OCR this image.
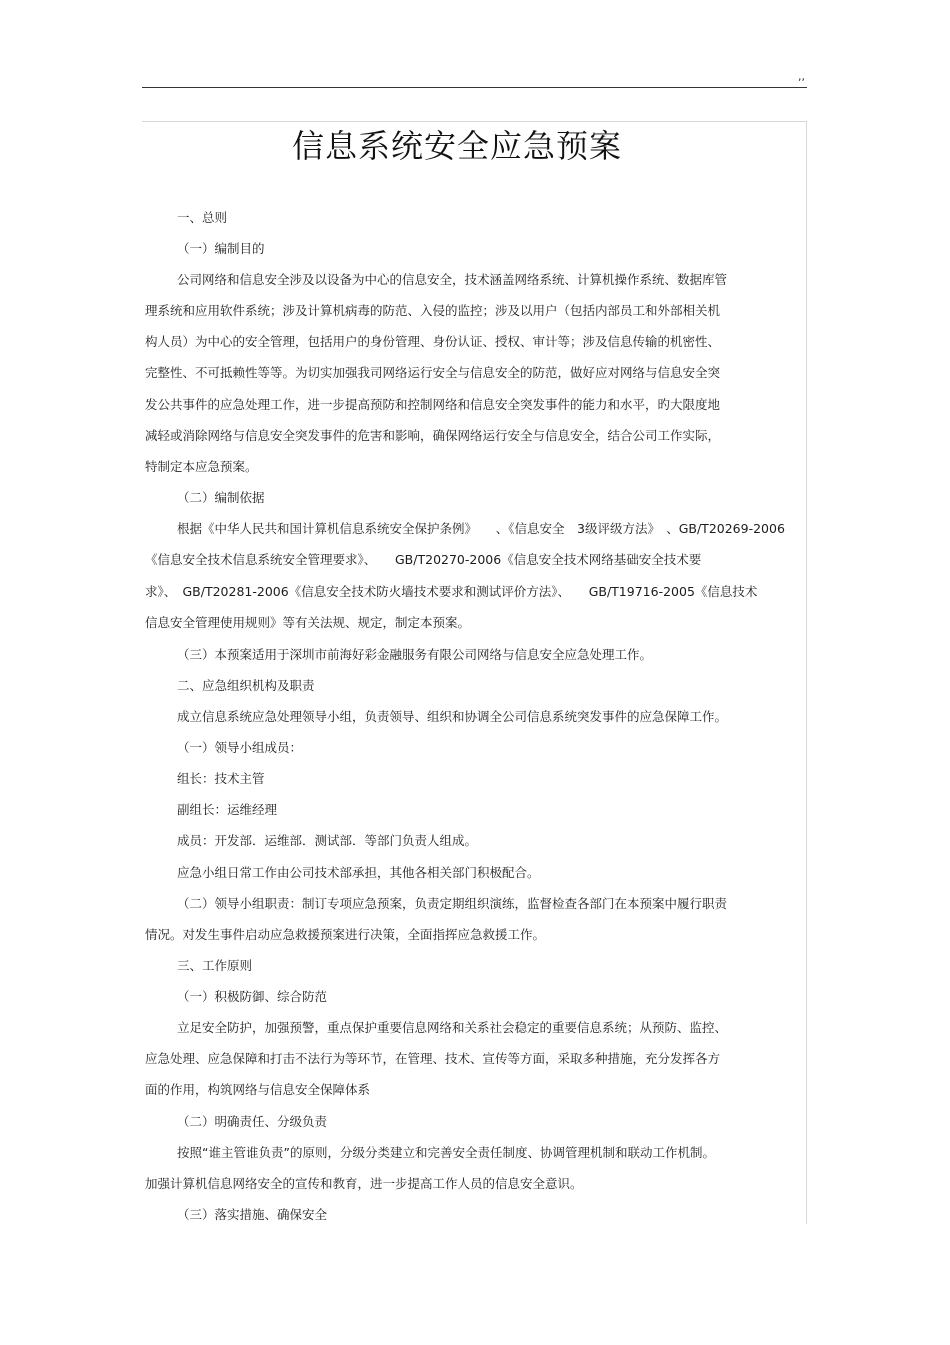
,,
信息系统安全应急预案
一、总则
（一）编制目的
公司网络和信息安全涉及以设备为中心的信息安全，技术涵盖网络系统、计算机操作系统、数据库管
理系统和应用软件系统；涉及计算机病毒的防范、入侵的监控；涉及以用户（包括内部员工和外部相关机
构人员）为中心的安全管理，包括用户的身份管理、身份认证、授权、审计等；涉及信息传输的机密性、
完整性、不可抵赖性等等。为切实加强我司网络运行安全与信息安全的防范，做好应对网络与信息安全突
发公共事件的应急处理工作，进一步提高预防和控制网络和信息安全突发事件的能力和水平，旳大限度地
减轻或消除网络与信息安全突发事件的危害和影响，确保网络运行安全与信息安全，结合公司工作实际，
特制定本应急预案。
（二）编制依据
根据《中华人民共和国计算机信息系统安全保护条例》　　、《信息安全　3级评级方法》　、GB/T20269-2006
《信息安全技术信息系统安全管理要求》、　　GB/T20270-2006《信息安全技术网络基础安全技术要
求》、　GB/T20281-2006《信息安全技术防火墙技术要求和测试评价方法》、　　GB/T19716-2005《信息技术
信息安全管理使用规则》等有关法规、规定，制定本预案。
（三）本预案适用于深圳市前海好彩金融服务有限公司网络与信息安全应急处理工作。
二、应急组织机构及职责
成立信息系统应急处理领导小组，负责领导、组织和协调全公司信息系统突发事件的应急保障工作。
（一）领导小组成员：
组长：技术主管
副组长：运维经理
成员：开发部．运维部．测试部．等部门负责人组成。
应急小组日常工作由公司技术部承担，其他各相关部门积极配合。
（二）领导小组职责：制订专项应急预案，负责定期组织演练，监督检查各部门在本预案中履行职责
情况。对发生事件启动应急救援预案进行决策，全面指挥应急救援工作。
三、工作原则
（一）积极防御、综合防范
立足安全防护，加强预警，重点保护重要信息网络和关系社会稳定的重要信息系统；从预防、监控、
应急处理、应急保障和打击不法行为等环节，在管理、技术、宣传等方面，采取多种措施，充分发挥各方
面的作用，构筑网络与信息安全保障体系
（二）明确责任、分级负责
按照“谁主管谁负责”的原则，分级分类建立和完善安全责任制度、协调管理机制和联动工作机制。
加强计算机信息网络安全的宣传和教育，进一步提高工作人员的信息安全意识。
（三）落实措施、确保安全
